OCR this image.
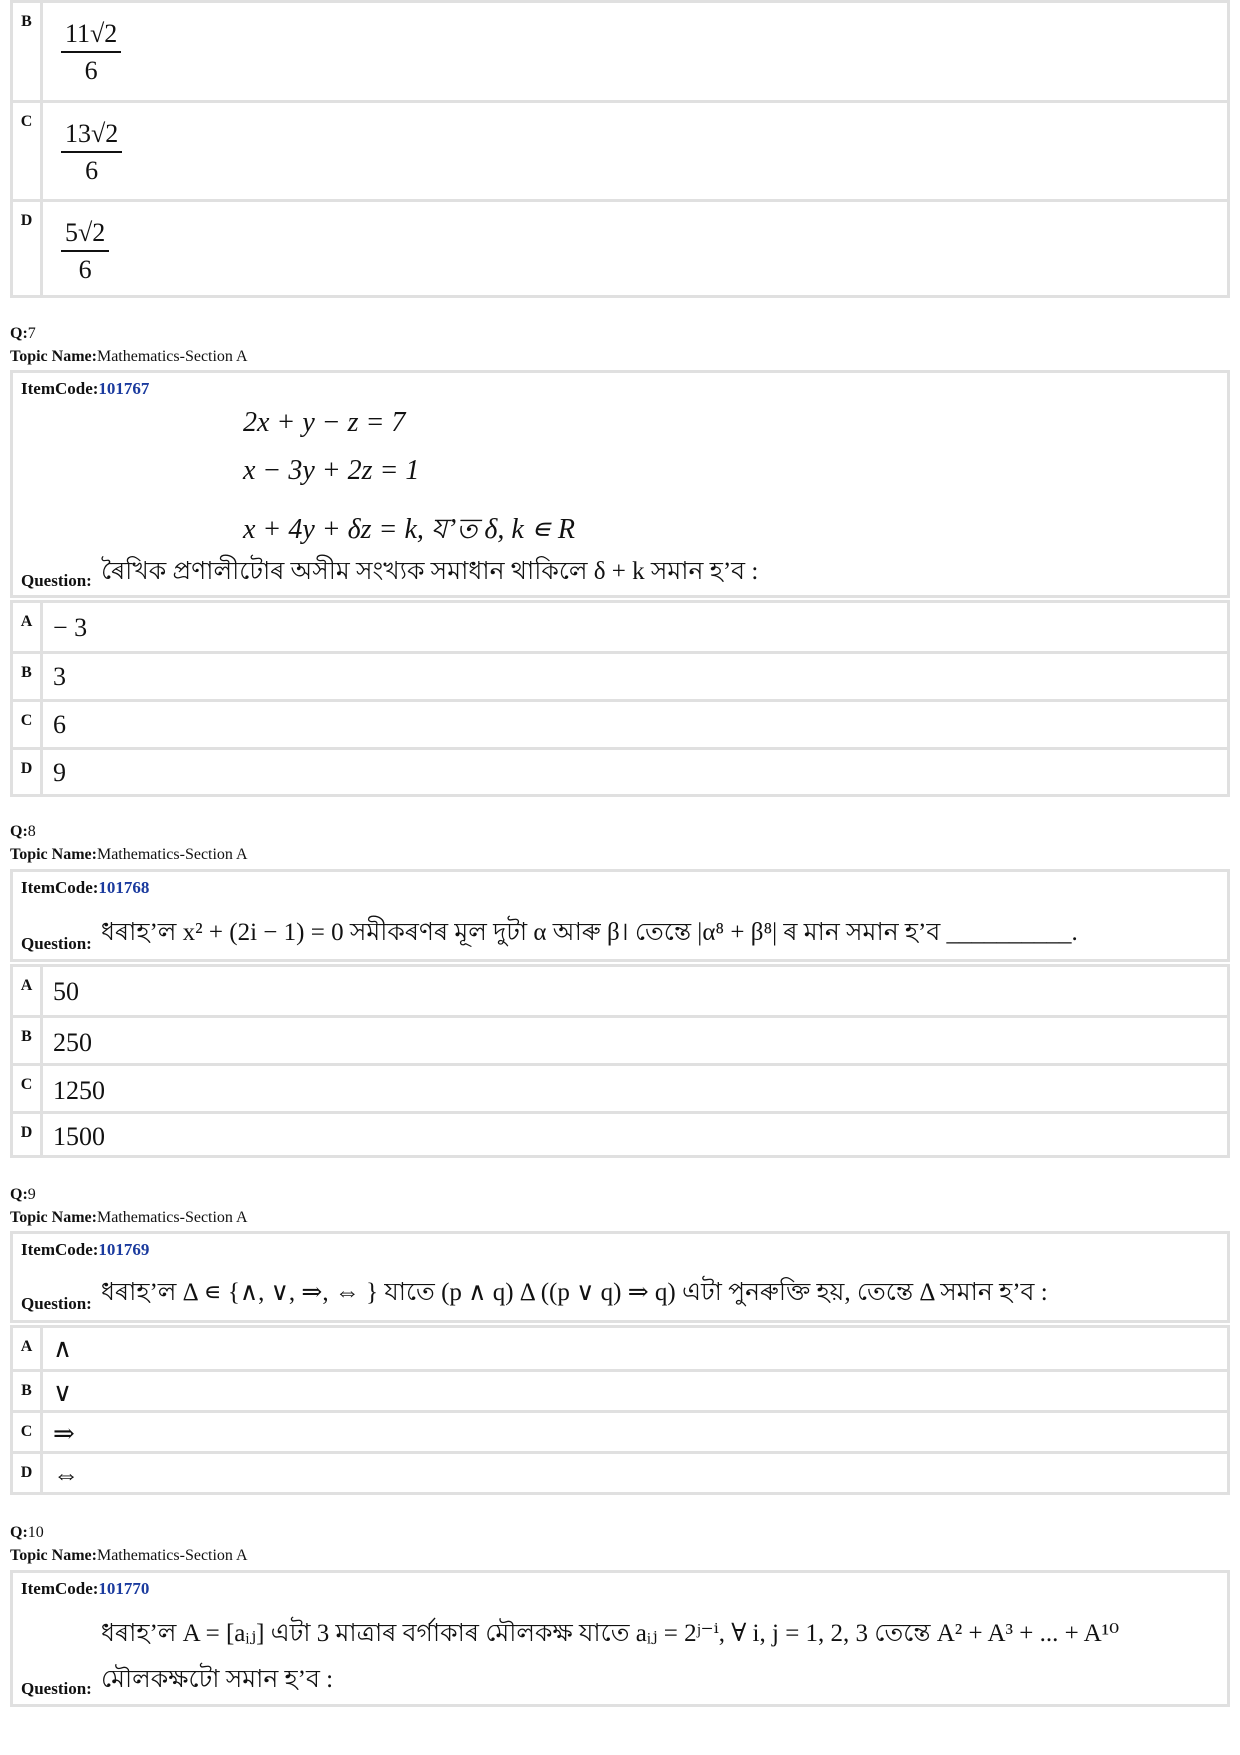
B	$\frac{11√2}{6}$
C	$\frac{13√2}{6}$
D	$\frac{5√2}{6}$
Q:7
Topic Name:Mathematics-Section A
ItemCode:101767
2x + y − z = 7
x − 3y + 2z = 1
x + 4y + δz = k, য’ত δ, k ∊ R
Question: ৰৈখিক প্ৰণালীটোৰ অসীম সংখ্যক সমাধান থাকিলে δ + k সমান হ’ব :
A − 3
B 3
C 6
D 9
Q:8
Topic Name:Mathematics-Section A
ItemCode:101768
Question: ধৰাহ’ল x² + (2i − 1) = 0 সমীকৰণৰ মূল দুটা α আৰু β। তেন্তে |α⁸ + β⁸| ৰ মান সমান হ’ব __________.
A 50
B 250
C 1250
D 1500
Q:9
Topic Name:Mathematics-Section A
ItemCode:101769
Question: ধৰাহ’ল Δ ∊ {∧, ∨, ⇒, ⇔ } যাতে (p ∧ q) Δ ((p ∨ q) ⇒ q) এটা পুনৰুক্তি হয়, তেন্তে Δ সমান হ’ব :
A ∧
B ∨
C ⇒
D ⇔
Q:10
Topic Name:Mathematics-Section A
ItemCode:101770
ধৰাহ’ল A = [aᵢⱼ] এটা 3 মাত্ৰাৰ বৰ্গাকাৰ মৌলকক্ষ যাতে aᵢⱼ = 2ʲ⁻ⁱ, ∀ i, j = 1, 2, 3 তেন্তে A² + A³ + ... + A¹⁰
Question: মৌলকক্ষটো সমান হ’ব :
